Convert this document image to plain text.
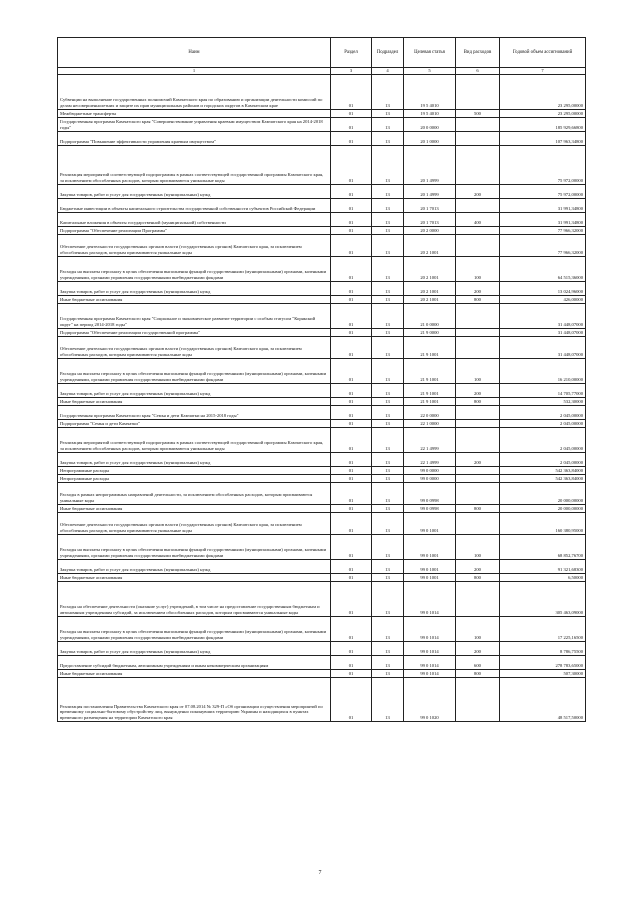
Наим	Раздел	Подраздел	Целевая статья	Вид расходов	Годовой объем ассигнований
1	3	4	5	6	7
Субвенции на выполнение государственных полномочий Камчатского края по образованию и организации деятельности комиссий по делам несовершеннолетних и защите их прав муниципальных районов и городских округов в Камчатском крае	01	13	19 5 4010		23 295,00000
Межбюджетные трансферты	01	13	19 5 4010	500	23 295,00000
Государственная программа Камчатского края "Совершенствование управления краевым имуществом Камчатского края на 2014-2018 годы"	01	13	20 0 0000		185 929,66800
Подпрограмма "Повышение эффективности управления краевым имуществом"	01	13	20 1 0000		107 963,34800
Реализация мероприятий соответствующей подпрограммы в рамках соответствующей государственной программы Камчатского края, за исключением обособленных расходов, которым присваиваются уникальные коды	01	13	20 1 4999		75 972,00000
Закупка товаров, работ и услуг для государственных (муниципальных) нужд	01	13	20 1 4999	200	75 972,00000
Бюджетные инвестиции в объекты капитального строительства государственной собственности субъектов Российской Федерации	01	13	20 1 7013		31 991,34800
Капитальные вложения в объекты государственной (муниципальной) собственности	01	13	20 1 7013	400	31 991,34800
Подпрограмма "Обеспечение реализации Программы"	01	13	20 2 0000		77 966,32000
Обеспечение деятельности государственных органов власти (государственных органов) Камчатского края, за исключением обособленных расходов, которым присваиваются уникальные коды	01	13	20 2 1001		77 966,32000
Расходы на выплаты персоналу в целях обеспечения выполнения функций государственными (муниципальными) органами, казенными учреждениями, органами управления государственными внебюджетными фондами	01	13	20 2 1001	100	64 515,36000
Закупка товаров, работ и услуг для государственных (муниципальных) нужд	01	13	20 2 1001	200	13 024,96000
Иные бюджетные ассигнования	01	13	20 2 1001	800	426,00000
Государственная программа Камчатского края "Социальное и экономическое развитие территории с особым статусом "Корякский округ" на период 2014-2018 годы"	01	13	21 0 0000		31 448,07000
Подпрограмма "Обеспечение реализации государственной программы"	01	13	21 9 0000		31 448,07000
Обеспечение деятельности государственных органов власти (государственных органов) Камчатского края, за исключением обособленных расходов, которым присваиваются уникальные коды	01	13	21 9 1001		31 448,07000
Расходы на выплаты персоналу в целях обеспечения выполнения функций государственными (муниципальными) органами, казенными учреждениями, органами управления государственными внебюджетными фондами	01	13	21 9 1001	100	16 210,00000
Закупка товаров, работ и услуг для государственных (муниципальных) нужд	01	13	21 9 1001	200	14 705,77000
Иные бюджетные ассигнования	01	13	21 9 1001	800	532,30000
Государственная программа Камчатского края "Семья и дети Камчатки на 2015-2018 годы"	01	13	22 0 0000		2 045,00000
Подпрограмма "Семья и дети Камчатки"	01	13	22 1 0000		2 045,00000
Реализация мероприятий соответствующей подпрограммы в рамках соответствующей государственной программы Камчатского края, за исключением обособленных расходов, которым присваиваются уникальные коды	01	13	22 1 4999		2 045,00000
Закупка товаров, работ и услуг для государственных (муниципальных) нужд	01	13	22 1 4999	200	2 045,00000
Непрограммные расходы	01	13	99 0 0000		542 363,84000
Непрограммные расходы	01	13	99 0 0000		542 363,84000
Расходы в рамках непрограммных направлений деятельности, за исключением обособленных расходов, которым присваиваются уникальные коды	01	13	99 0 0998		20 000,00000
Иные бюджетные ассигнования	01	13	99 0 0998	800	20 000,00000
Обеспечение деятельности государственных органов власти (государственных органов) Камчатского края, за исключением обособленных расходов, которым присваиваются уникальные коды	01	13	99 0 1001		160 380,95000
Расходы на выплаты персоналу в целях обеспечения выполнения функций государственными (муниципальными) органами, казенными учреждениями, органами управления государственными внебюджетными фондами	01	13	99 0 1001	100	68 852,76700
Закупка товаров, работ и услуг для государственных (муниципальных) нужд	01	13	99 0 1001	200	91 321,68300
Иные бюджетные ассигнования	01	13	99 0 1001	800	6,50000
Расходы на обеспечение деятельности (оказание услуг) учреждений, в том числе на предоставление государственным бюджетным и автономным учреждениям субсидий, за исключением обособленных расходов, которым присваиваются уникальные коды	01	13	99 0 1014		305 463,09000
Расходы на выплаты персоналу в целях обеспечения выполнения функций государственными (муниципальными) органами, казенными учреждениями, органами управления государственными внебюджетными фондами	01	13	99 0 1014	100	17 225,16500
Закупка товаров, работ и услуг для государственных (муниципальных) нужд	01	13	99 0 1014	200	8 786,75500
Предоставление субсидий бюджетным, автономным учреждениям и иным некоммерческим организациям	01	13	99 0 1014	600	278 783,65000
Иные бюджетные ассигнования	01	13	99 0 1014	800	507,30000
Реализация постановления Правительства Камчатского края от 07.08.2014 № 329-П «Об организации осуществления мероприятий по временному социально-бытовому обустройству лиц, вынужденно покинувших территорию Украины и находящихся в пунктах временного размещения на территории Камчатского края	01	13	99 0 1020		48 517,50000
7
